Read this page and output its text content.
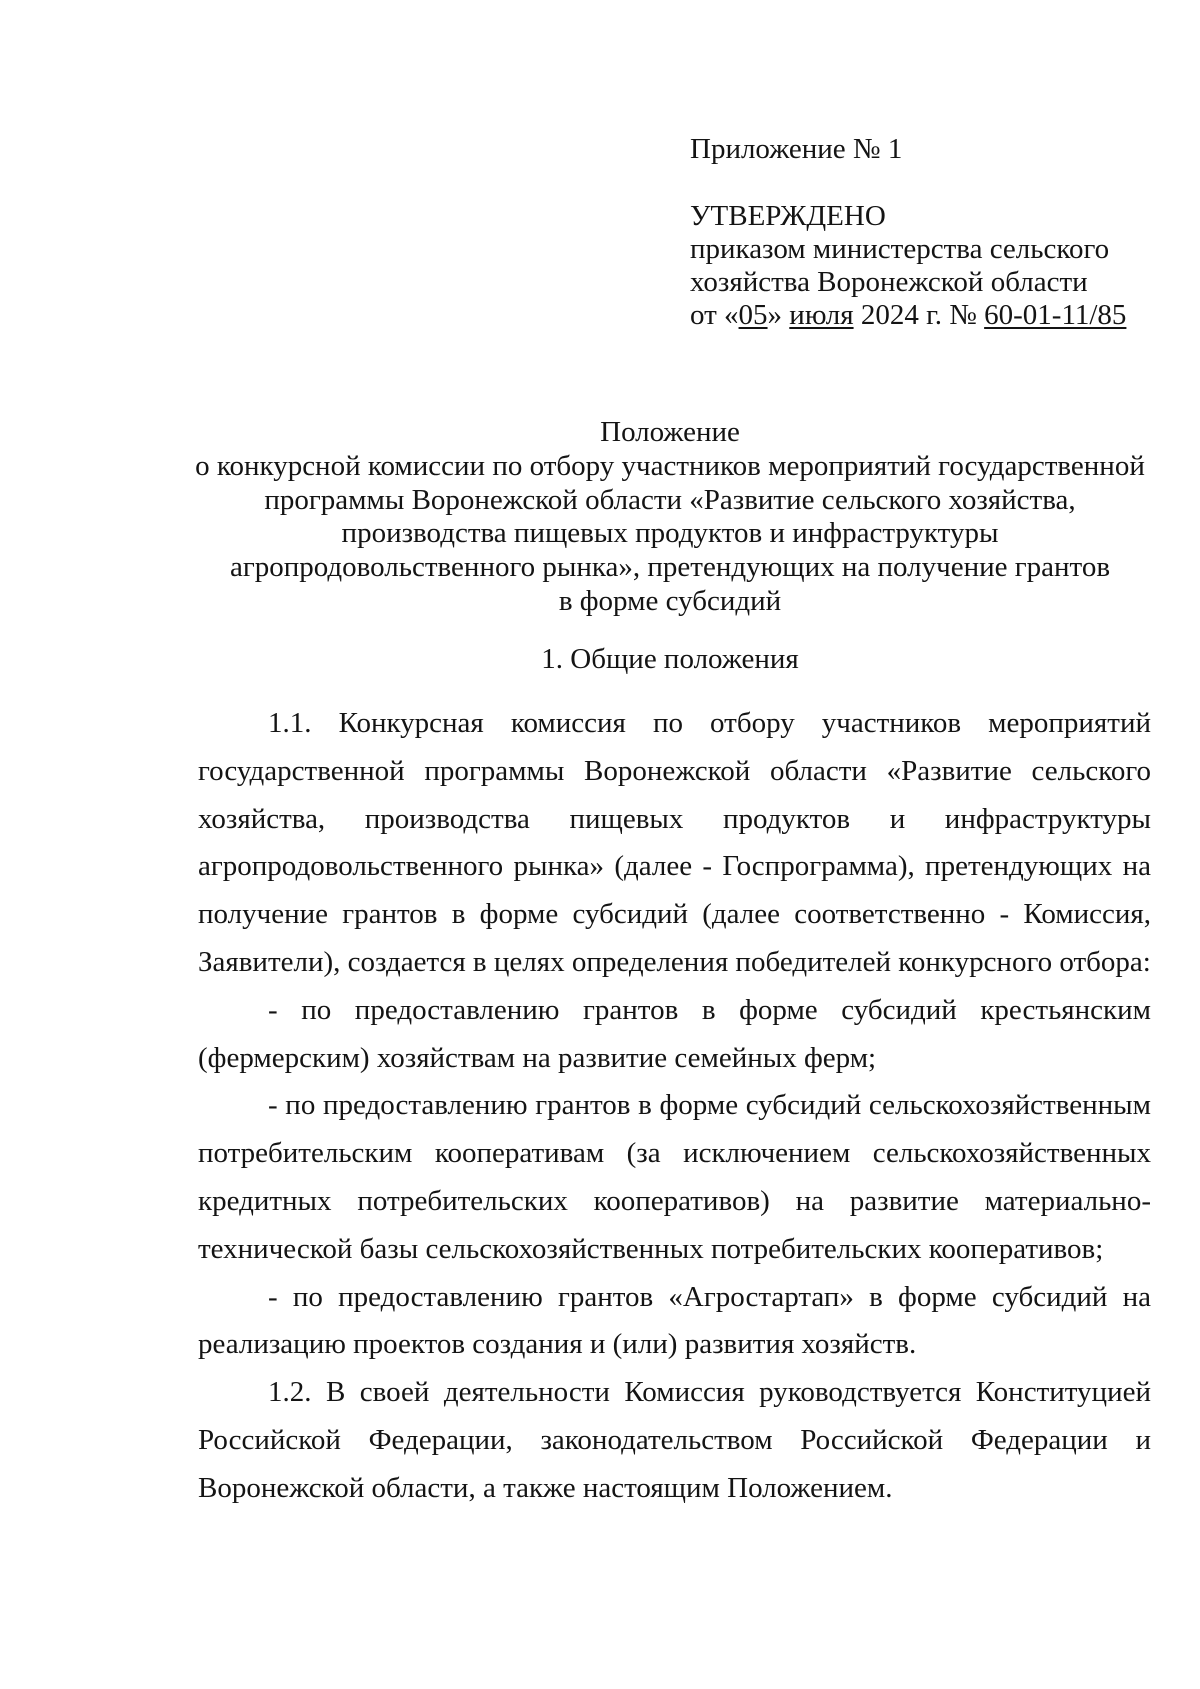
Приложение № 1
УТВЕРЖДЕНО
приказом министерства сельского
хозяйства Воронежской области
от «05» июля 2024 г. № 60-01-11/85
Положение
о конкурсной комиссии по отбору участников мероприятий государственной
программы Воронежской области «Развитие сельского хозяйства,
производства пищевых продуктов и инфраструктуры
агропродовольственного рынка», претендующих на получение грантов
в форме субсидий
1. Общие положения

1.1. Конкурсная комиссия по отбору участников мероприятий государственной программы Воронежской области «Развитие сельского хозяйства, производства пищевых продуктов и инфраструктуры агропродовольственного рынка» (далее - Госпрограмма), претендующих на получение грантов в форме субсидий (далее соответственно - Комиссия, Заявители), создается в целях определения победителей конкурсного отбора:

- по предоставлению грантов в форме субсидий крестьянским (фермерским) хозяйствам на развитие семейных ферм;

- по предоставлению грантов в форме субсидий сельскохозяйственным потребительским кооперативам (за исключением сельскохозяйственных кредитных потребительских кооперативов) на развитие материально-технической базы сельскохозяйственных потребительских кооперативов;

- по предоставлению грантов «Агростартап» в форме субсидий на реализацию проектов создания и (или) развития хозяйств.

1.2. В своей деятельности Комиссия руководствуется Конституцией Российской Федерации, законодательством Российской Федерации и Воронежской области, а также настоящим Положением.
